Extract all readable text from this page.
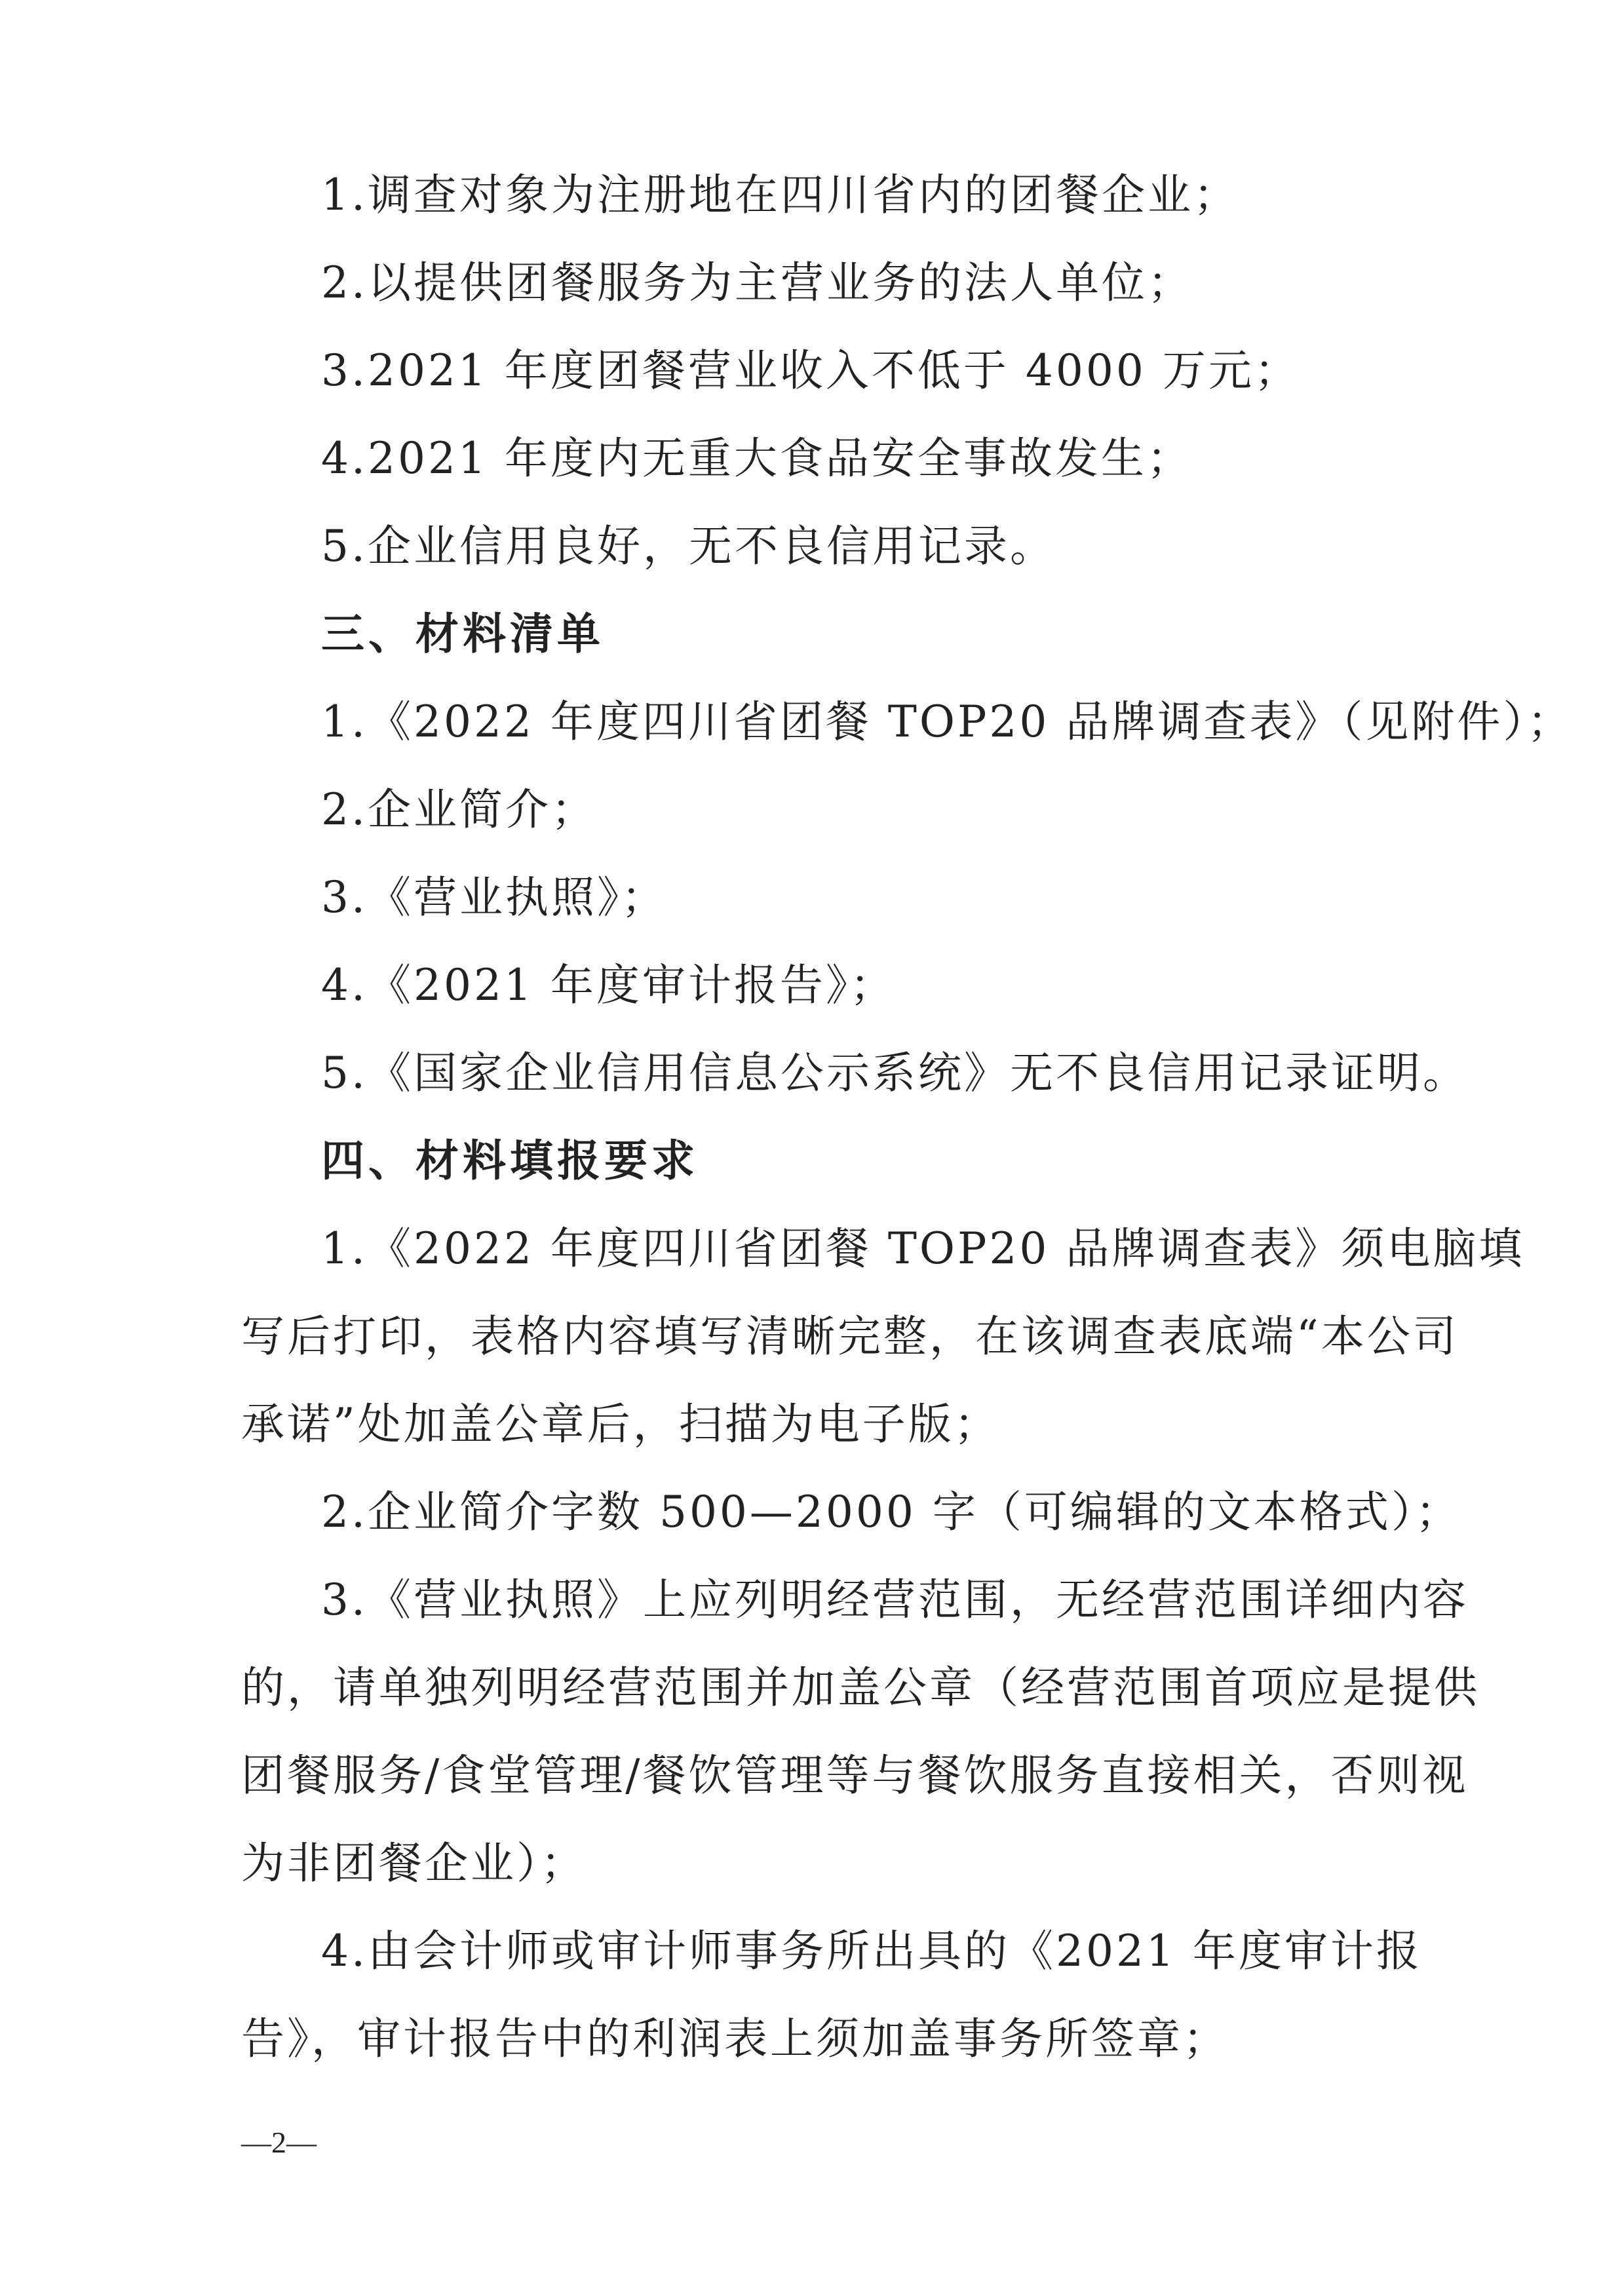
1.调查对象为注册地在四川省内的团餐企业；
2.以提供团餐服务为主营业务的法人单位；
3.2021 年度团餐营业收入不低于 4000 万元；
4.2021 年度内无重大食品安全事故发生；
5.企业信用良好，无不良信用记录。
三、材料清单
1.《2022 年度四川省团餐 TOP20 品牌调查表》（见附件）；
2.企业简介；
3.《营业执照》；
4.《2021 年度审计报告》；
5.《国家企业信用信息公示系统》无不良信用记录证明。
四、材料填报要求
1.《2022 年度四川省团餐 TOP20 品牌调查表》须电脑填
写后打印，表格内容填写清晰完整，在该调查表底端“本公司
承诺”处加盖公章后，扫描为电子版；
2.企业简介字数 500—2000 字（可编辑的文本格式）；
3.《营业执照》上应列明经营范围，无经营范围详细内容
的，请单独列明经营范围并加盖公章（经营范围首项应是提供
团餐服务/食堂管理/餐饮管理等与餐饮服务直接相关，否则视
为非团餐企业）；
4.由会计师或审计师事务所出具的《2021 年度审计报
告》，审计报告中的利润表上须加盖事务所签章；
—2—
